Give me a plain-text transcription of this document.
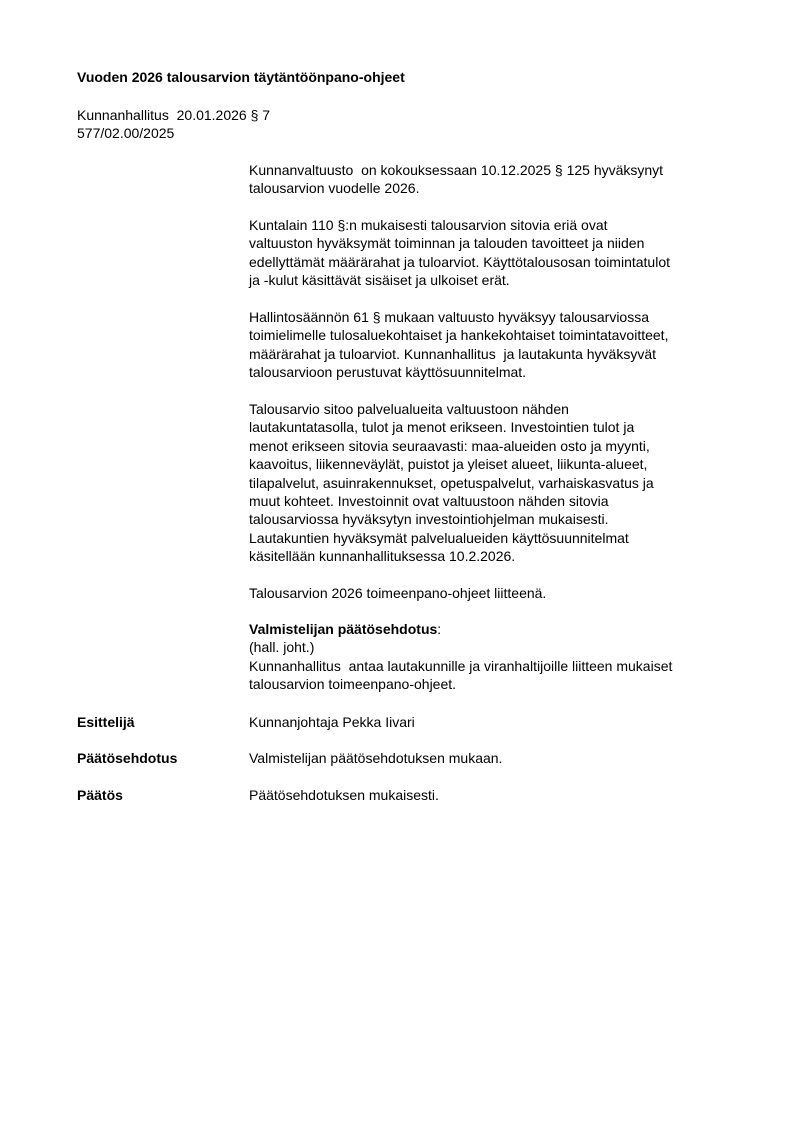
Vuoden 2026 talousarvion täytäntöönpano-ohjeet
Kunnanhallitus  20.01.2026 § 7
577/02.00/2025
Kunnanvaltuusto  on kokouksessaan 10.12.2025 § 125 hyväksynyt
talousarvion vuodelle 2026.
Kuntalain 110 §:n mukaisesti talousarvion sitovia eriä ovat
valtuuston hyväksymät toiminnan ja talouden tavoitteet ja niiden
edellyttämät määrärahat ja tuloarviot. Käyttötalousosan toimintatulot
ja -kulut käsittävät sisäiset ja ulkoiset erät.
Hallintosäännön 61 § mukaan valtuusto hyväksyy talousarviossa
toimielimelle tulosaluekohtaiset ja hankekohtaiset toimintatavoitteet,
määrärahat ja tuloarviot. Kunnanhallitus  ja lautakunta hyväksyvät
talousarvioon perustuvat käyttösuunnitelmat.
Talousarvio sitoo palvelualueita valtuustoon nähden
lautakuntatasolla, tulot ja menot erikseen. Investointien tulot ja
menot erikseen sitovia seuraavasti: maa-alueiden osto ja myynti,
kaavoitus, liikenneväylät, puistot ja yleiset alueet, liikunta-alueet,
tilapalvelut, asuinrakennukset, opetuspalvelut, varhaiskasvatus ja
muut kohteet. Investoinnit ovat valtuustoon nähden sitovia
talousarviossa hyväksytyn investointiohjelman mukaisesti.
Lautakuntien hyväksymät palvelualueiden käyttösuunnitelmat
käsitellään kunnanhallituksessa 10.2.2026.
Talousarvion 2026 toimeenpano-ohjeet liitteenä.
Valmistelijan päätösehdotus:
(hall. joht.)
Kunnanhallitus  antaa lautakunnille ja viranhaltijoille liitteen mukaiset
talousarvion toimeenpano-ohjeet.
Esittelijä	Kunnanjohtaja Pekka Iivari
Päätösehdotus	Valmistelijan päätösehdotuksen mukaan.
Päätös	Päätösehdotuksen mukaisesti.
